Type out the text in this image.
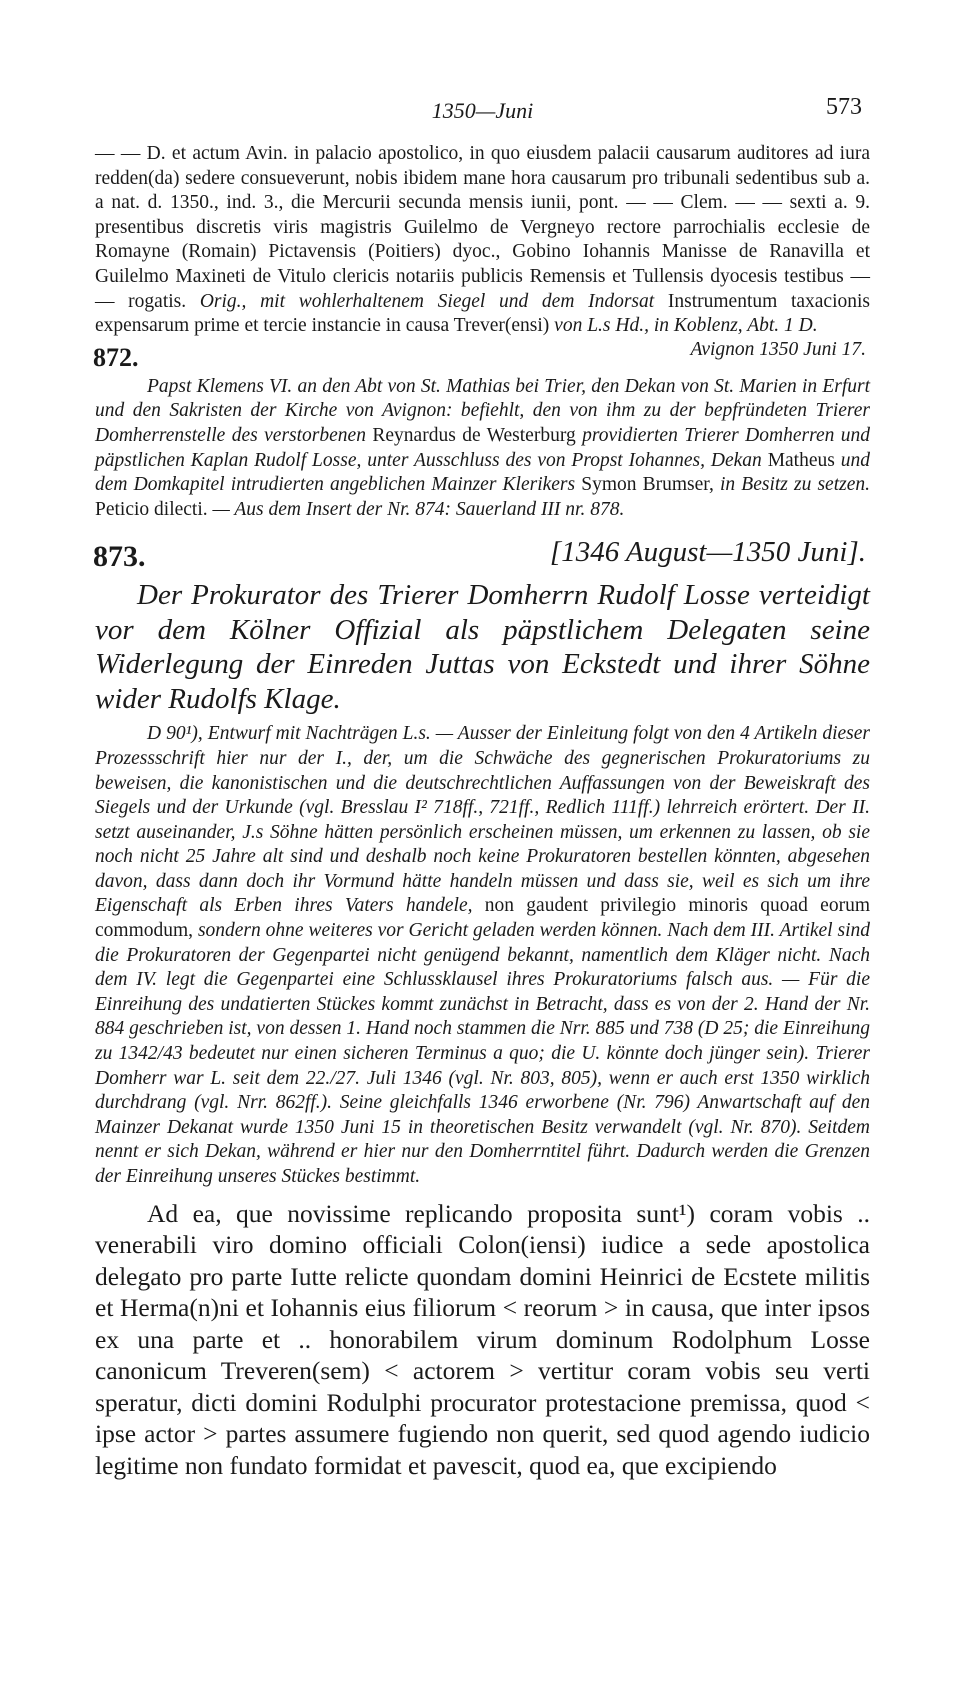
1350—Juni	573

— — D. et actum Avin. in palacio apostolico, in quo eiusdem palacii causarum auditores ad iura redden(da) sedere consueverunt, nobis ibidem mane hora causarum pro tribunali sedentibus sub a. a nat. d. 1350., ind. 3., die Mercurii secunda mensis iunii, pont. — — Clem. — — sexti a. 9. presentibus discretis viris magistris Guilelmo de Vergneyo rectore parrochialis ecclesie de Romayne (Romain) Pictavensis (Poitiers) dyoc., Gobino Iohannis Manisse de Ranavilla et Guilelmo Maxineti de Vitulo clericis notariis publicis Remensis et Tullensis dyocesis testibus — — rogatis. Orig., mit wohlerhaltenem Siegel und dem Indorsat Instrumentum taxacionis expensarum prime et tercie instancie in causa Trever(ensi) von L.s Hd., in Koblenz, Abt. 1 D.

872.	Avignon 1350 Juni 17.

Papst Klemens VI. an den Abt von St. Mathias bei Trier, den Dekan von St. Marien in Erfurt und den Sakristen der Kirche von Avignon: befiehlt, den von ihm zu der bepfründeten Trierer Domherrenstelle des verstorbenen Reynardus de Westerburg providierten Trierer Domherren und päpstlichen Kaplan Rudolf Losse, unter Ausschluss des von Propst Iohannes, Dekan Matheus und dem Domkapitel intrudierten angeblichen Mainzer Klerikers Symon Brumser, in Besitz zu setzen. Peticio dilecti. — Aus dem Insert der Nr. 874: Sauerland III nr. 878.

873.	[1346 August—1350 Juni].

Der Prokurator des Trierer Domherrn Rudolf Losse verteidigt vor dem Kölner Offizial als päpstlichem Delegaten seine Widerlegung der Einreden Juttas von Eckstedt und ihrer Söhne wider Rudolfs Klage.

D 90¹), Entwurf mit Nachträgen L.s. — Ausser der Einleitung folgt von den 4 Artikeln dieser Prozessschrift hier nur der I., der, um die Schwäche des gegnerischen Prokuratoriums zu beweisen, die kanonistischen und die deutschrechtlichen Auffassungen von der Beweiskraft des Siegels und der Urkunde (vgl. Bresslau I² 718ff., 721ff., Redlich 111ff.) lehrreich erörtert. Der II. setzt auseinander, J.s Söhne hätten persönlich erscheinen müssen, um erkennen zu lassen, ob sie noch nicht 25 Jahre alt sind und deshalb noch keine Prokuratoren bestellen könnten, abgesehen davon, dass dann doch ihr Vormund hätte handeln müssen und dass sie, weil es sich um ihre Eigenschaft als Erben ihres Vaters handele, non gaudent privilegio minoris quoad eorum commodum, sondern ohne weiteres vor Gericht geladen werden können. Nach dem III. Artikel sind die Prokuratoren der Gegenpartei nicht genügend bekannt, namentlich dem Kläger nicht. Nach dem IV. legt die Gegenpartei eine Schlussklausel ihres Prokuratoriums falsch aus. — Für die Einreihung des undatierten Stückes kommt zunächst in Betracht, dass es von der 2. Hand der Nr. 884 geschrieben ist, von dessen 1. Hand noch stammen die Nrr. 885 und 738 (D 25; die Einreihung zu 1342/43 bedeutet nur einen sicheren Terminus a quo; die U. könnte doch jünger sein). Trierer Domherr war L. seit dem 22./27. Juli 1346 (vgl. Nr. 803, 805), wenn er auch erst 1350 wirklich durchdrang (vgl. Nrr. 862ff.). Seine gleichfalls 1346 erworbene (Nr. 796) Anwartschaft auf den Mainzer Dekanat wurde 1350 Juni 15 in theoretischen Besitz verwandelt (vgl. Nr. 870). Seitdem nennt er sich Dekan, während er hier nur den Domherrntitel führt. Dadurch werden die Grenzen der Einreihung unseres Stückes bestimmt.

Ad ea, que novissime replicando proposita sunt¹) coram vobis .. venerabili viro domino officiali Colon(iensi) iudice a sede apostolica delegato pro parte Iutte relicte quondam domini Heinrici de Ecstete militis et Herma(n)ni et Iohannis eius filiorum ˂ reorum ˃ in causa, que inter ipsos ex una parte et .. honorabilem virum dominum Rodolphum Losse canonicum Treveren(sem) ˂ actorem ˃ vertitur coram vobis seu verti speratur, dicti domini Rodulphi procurator protestacione premissa, quod ˂ ipse actor ˃ partes assumere fugiendo non querit, sed quod agendo iudicio legitime non fundato formidat et pavescit, quod ea, que excipiendo
